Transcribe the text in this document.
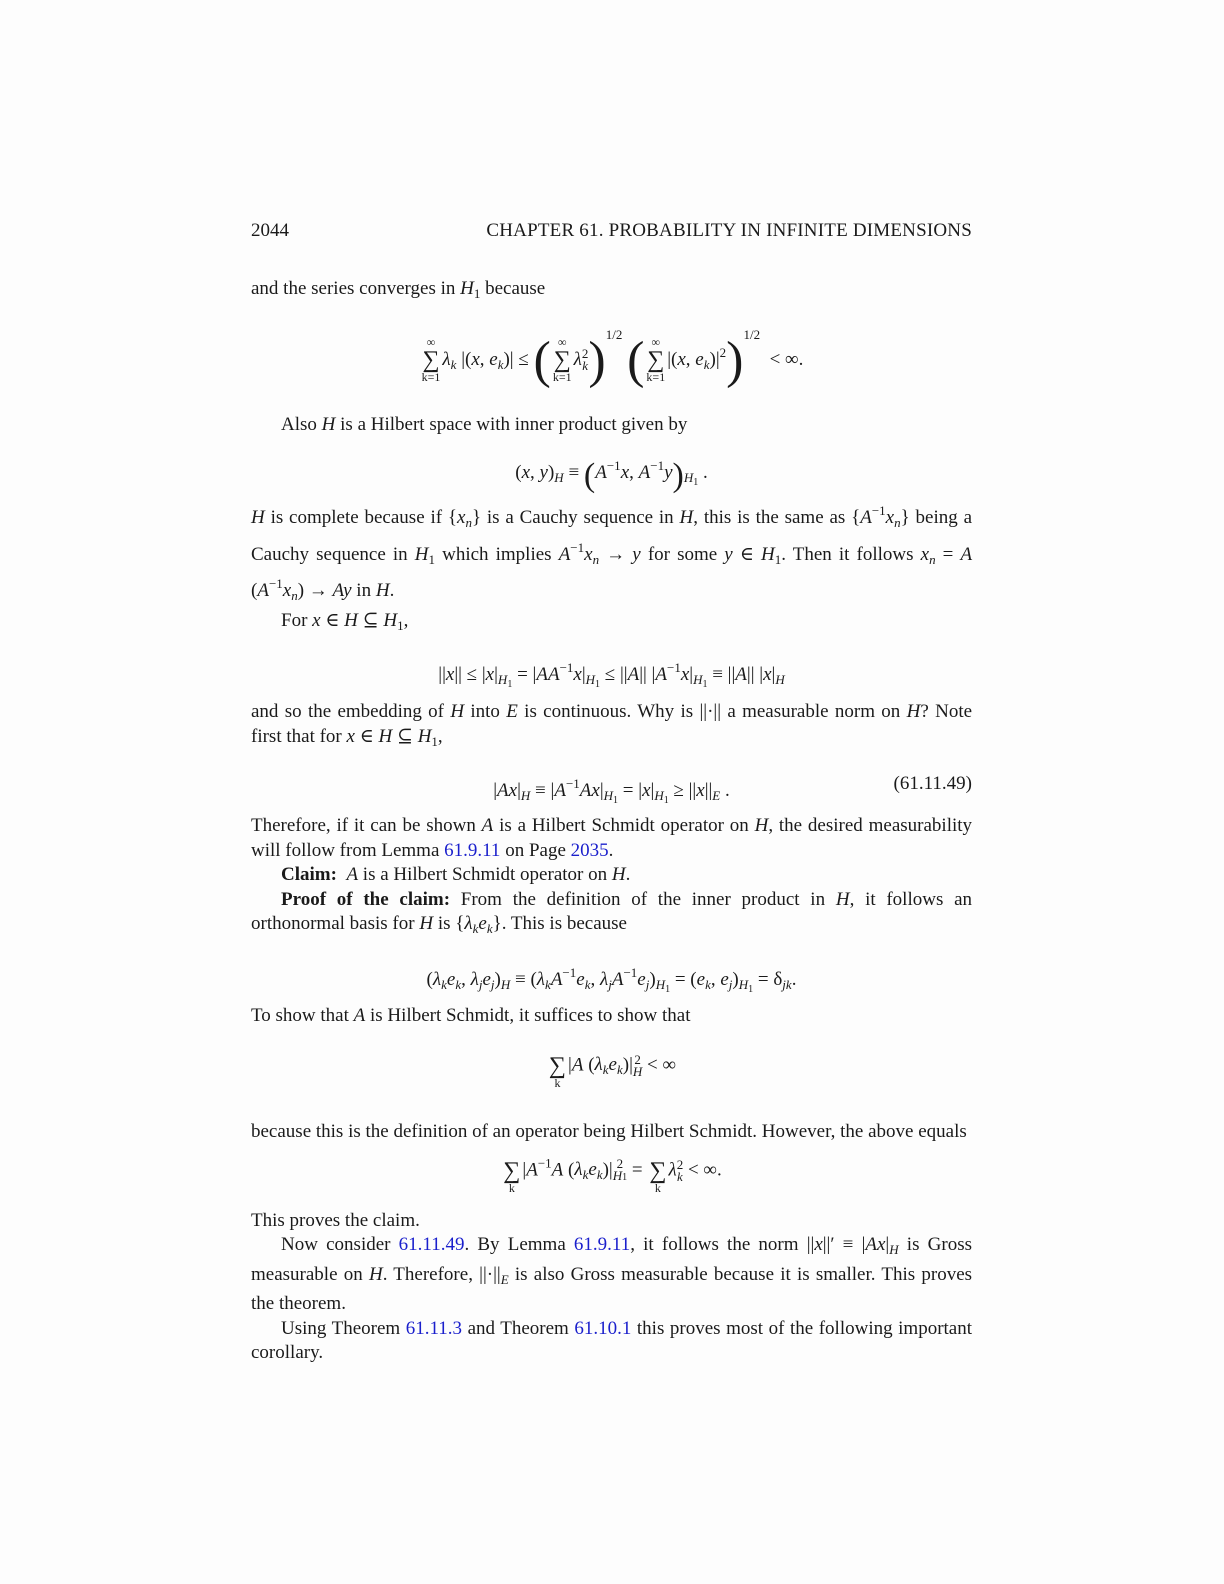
2044	CHAPTER 61. PROBABILITY IN INFINITE DIMENSIONS

and the series converges in $H_1$ because

∞
∑
k=1
$\lambda_k$ |(x, $e_k)|$ ≤ ( ∞
∑
k=1
λ 2
k )$^{1/2}$ ( ∞
∑
k=1
|(x, $e_k)|^2)^{1/2}$  < ∞.

Also H is a Hilbert space with inner product given by

(x, $y)_H \equiv (A^{-1}x$, $A^{-1}y)_{H1}$ .

H is complete because if $\{x_n\}$ is a Cauchy sequence in H, this is the same as $\{A^{-1}x_n\}$ being a Cauchy sequence in $H_1$ which implies $A^{-1}x_n \to y$ for some y ∈ $H_1$. Then it follows $x_n = A$ $(A^{-1}x_n) \to Ay$ in H.

For x ∈ H ⊆ $H_1$,

$||x|| \le |x|_{H1} = |AA^{-1}x|_{H1} \le ||A||$ $|A^{-1}x|_{H1} \equiv ||A||$ $|x|_H$

and so the embedding of H into E is continuous. Why is ||·|| a measurable norm on H? Note first that for x ∈ H ⊆ $H_1$,

$|Ax|_H \equiv |A^{-1}Ax|_{H1} = |x|_{H1} \ge ||x||_E$ .	(61.11.49)

Therefore, if it can be shown A is a Hilbert Schmidt operator on H, the desired measurability will follow from Lemma 61.9.11 on Page 2035.

Claim: A is a Hilbert Schmidt operator on H.

Proof of the claim: From the definition of the inner product in H, it follows an orthonormal basis for H is $\{\lambda_ke_k\}$. This is because

($\lambda_ke_k$, $\lambda_je_j)_H \equiv (\lambda_kA^{-1}e_k$, $\lambda_jA^{-1}e_j)_{H1} = (e_k$, $e_j)_{H1} = \delta_{jk}$.

To show that A is Hilbert Schmidt, it suffices to show that

∑
k
|A $(\lambda_ke_k)|$ 2
H < ∞

because this is the definition of an operator being Hilbert Schmidt. However, the above equals

∑
k
$|A^{-1}A$ $(\lambda_ke_k)|$ 2
H1 =
∑
k
λ 2
k < ∞.

This proves the claim.

Now consider 61.11.49. By Lemma 61.9.11, it follows the norm $||x||' \equiv |Ax|_H$ is Gross measurable on H. Therefore, $||\cdot||_E$ is also Gross measurable because it is smaller. This proves the theorem.

Using Theorem 61.11.3 and Theorem 61.10.1 this proves most of the following important corollary.
